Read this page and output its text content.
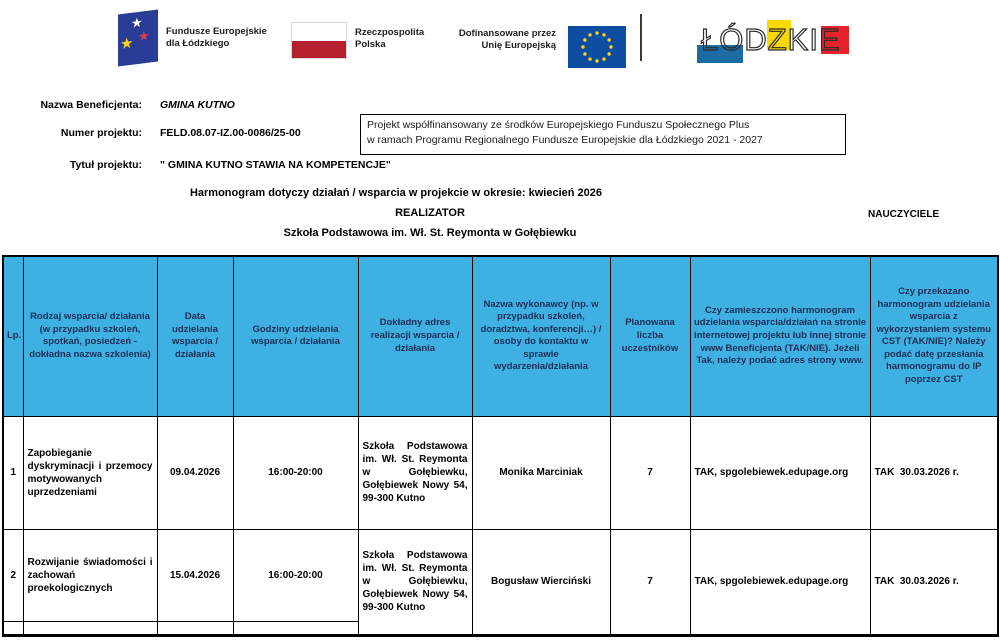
★
★
★
Fundusze Europejskie
dla Łódzkiego
Rzeczpospolita
Polska
Dofinansowane przez
Unię Europejską	ŁÓDZKIE
Nazwa Beneficjenta: GMINA KUTNO
Numer projektu: FELD.08.07-IZ.00-0086/25-00
Projekt współfinansowany ze środków Europejskiego Funduszu Społecznego Plus
w ramach Programu Regionalnego Fundusze Europejskie dla Łódzkiego 2021 - 2027
Tytuł projektu: " GMINA KUTNO STAWIA NA KOMPETENCJE"
Harmonogram dotyczy działań / wsparcia w projekcie w okresie: kwiecień 2026
REALIZATOR	NAUCZYCIELE
Szkoła Podstawowa im. Wł. St. Reymonta w Gołębiewku
Lp.	Rodzaj wsparcia/ działania (w przypadku szkoleń, spotkań, posiedzeń - dokładna nazwa szkolenia)	Data udzielania wsparcia / działania	Godziny udzielania wsparcia / działania	Dokładny adres realizacji wsparcia / działania	Nazwa wykonawcy (np. w przypadku szkoleń, doradztwa, konferencji…) / osoby do kontaktu w sprawie wydarzenia/działania	Planowana liczba uczestników	Czy zamieszczono harmonogram udzielania wsparcia/działań na stronie internetowej projektu lub innej stronie www Beneficjenta (TAK/NIE). Jeżeli Tak, należy podać adres strony www.	Czy przekazano harmonogram udzielania wsparcia z wykorzystaniem systemu CST (TAK/NIE)? Należy podać datę przesłania harmonogramu do IP poprzez CST
1	Zapobieganie dyskryminacji i przemocy motywowanych uprzedzeniami	09.04.2026	16:00-20:00	Szkoła Podstawowa im. Wł. St. Reymonta w Gołębiewku, Gołębiewek Nowy 54, 99-300 Kutno	Monika Marciniak	7	TAK, spgolebiewek.edupage.org	TAK  30.03.2026 r.
2	Rozwijanie świadomości i zachowań proekologicznych	15.04.2026	16:00-20:00	Szkoła Podstawowa im. Wł. St. Reymonta w Gołębiewku, Gołębiewek Nowy 54, 99-300 Kutno	Bogusław Wierciński	7	TAK, spgolebiewek.edupage.org	TAK  30.03.2026 r.
